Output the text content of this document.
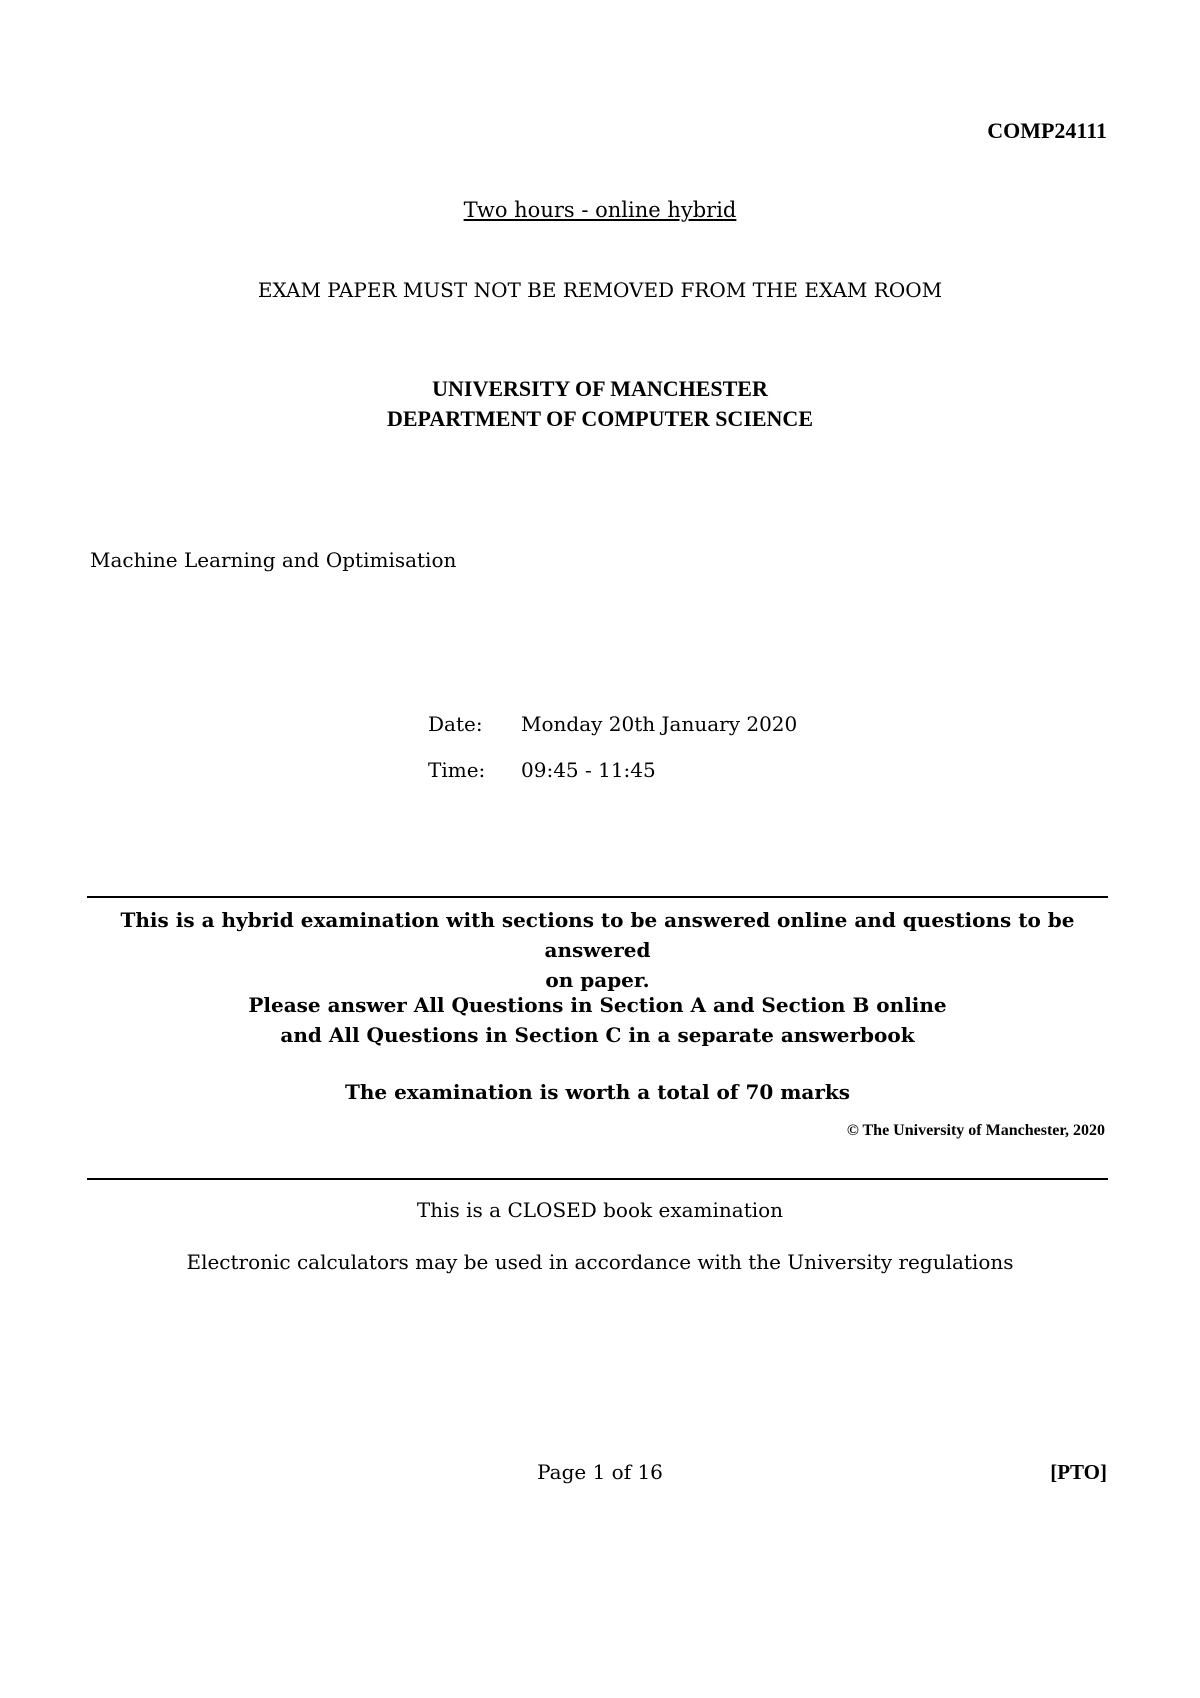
COMP24111
Two hours - online hybrid
EXAM PAPER MUST NOT BE REMOVED FROM THE EXAM ROOM
UNIVERSITY OF MANCHESTER
DEPARTMENT OF COMPUTER SCIENCE
Machine Learning and Optimisation
Date: Monday 20th January 2020
Time: 09:45 - 11:45
This is a hybrid examination with sections to be answered online and questions to be answered
on paper.
Please answer All Questions in Section A and Section B online
and All Questions in Section C in a separate answerbook
The examination is worth a total of 70 marks
© The University of Manchester, 2020
This is a CLOSED book examination
Electronic calculators may be used in accordance with the University regulations
Page 1 of 16	[PTO]
